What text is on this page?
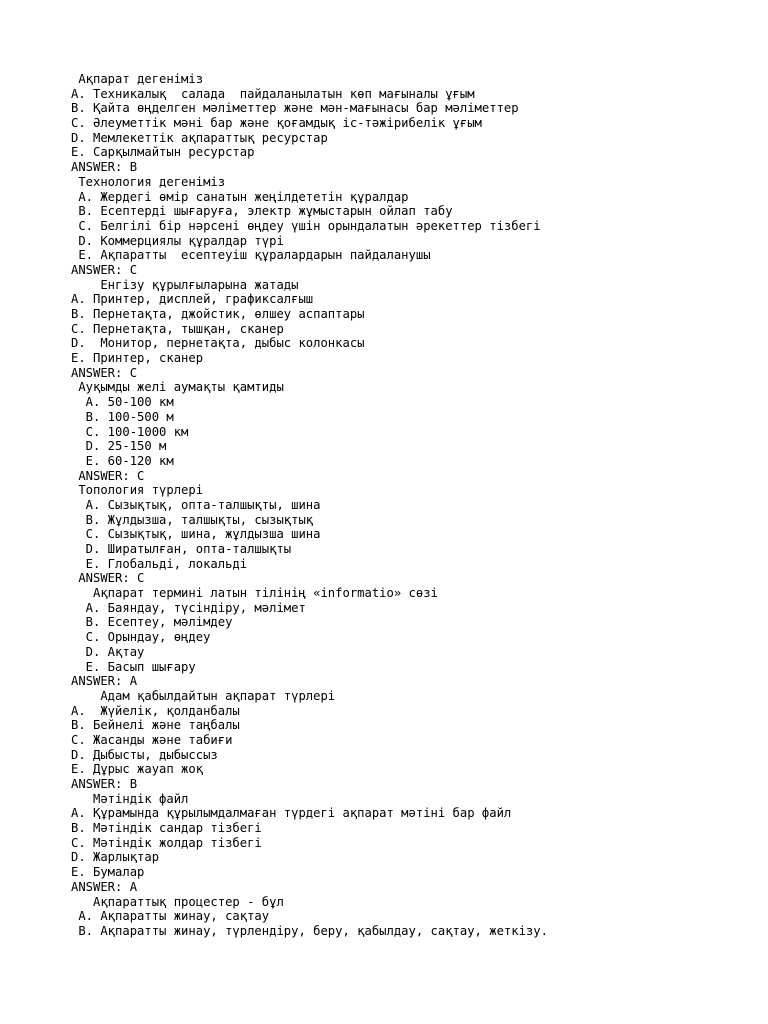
Ақпарат дегеніміз
A. Техникалық  салада  пайдаланылатын көп мағыналы ұғым
B. Қайта өңделген мәліметтер және мән-мағынасы бар мәліметтер
C. Әлеуметтік мәні бар және қоғамдық іс-тәжірибелік ұғым
D. Мемлекеттік ақпараттық ресурстар
E. Сарқылмайтын ресурстар
ANSWER: B
Технология дегеніміз
A. Жердегі өмір санатын жеңілдететін құралдар
B. Есептерді шығаруға, электр жұмыстарын ойлап табу
C. Белгілі бір нәрсені өңдеу үшін орындалатын әрекеттер тізбегі
D. Коммерциялы құралдар түрі
E. Ақпаратты  есептеуіш құралардарын пайдаланушы
ANSWER: C
Енгізу құрылғыларына жатады
A. Принтер, дисплей, графиксалғыш
B. Пернетақта, джойстик, өлшеу аспаптары
C. Пернетақта, тышқан, сканер
D.  Монитор, пернетақта, дыбыс колонкасы
E. Принтер, сканер
ANSWER: C
Ауқымды желі аумақты қамтиды
A. 50-100 км
B. 100-500 м
C. 100-1000 км
D. 25-150 м
E. 60-120 км
ANSWER: C
Топология түрлері
A. Сызықтық, опта-талшықты, шина
B. Жұлдызша, талшықты, сызықтық
C. Сызықтық, шина, жұлдызша шина
D. Ширатылған, опта-талшықты
E. Глобальді, локальді
ANSWER: C
Ақпарат термині латын тілінің «informatio» сөзі
A. Баяндау, түсіндіру, мәлімет
B. Есептеу, мәлімдеу
C. Орындау, өңдеу
D. Ақтау
E. Басып шығару
ANSWER: A
Адам қабылдайтын ақпарат түрлері
A.  Жүйелік, қолданбалы
B. Бейнелі және таңбалы
C. Жасанды және табиғи
D. Дыбысты, дыбыссыз
E. Дұрыс жауап жоқ
ANSWER: B
Мәтіндік файл
A. Құрамында құрылымдалмаған түрдегі ақпарат мәтіні бар файл
B. Мәтіндік сандар тізбегі
C. Мәтіндік жолдар тізбегі
D. Жарлықтар
E. Бумалар
ANSWER: A
Ақпараттық процестер - бұл
A. Ақпаратты жинау, сақтау
B. Ақпаратты жинау, түрлендіру, беру, қабылдау, сақтау, жеткізу.
